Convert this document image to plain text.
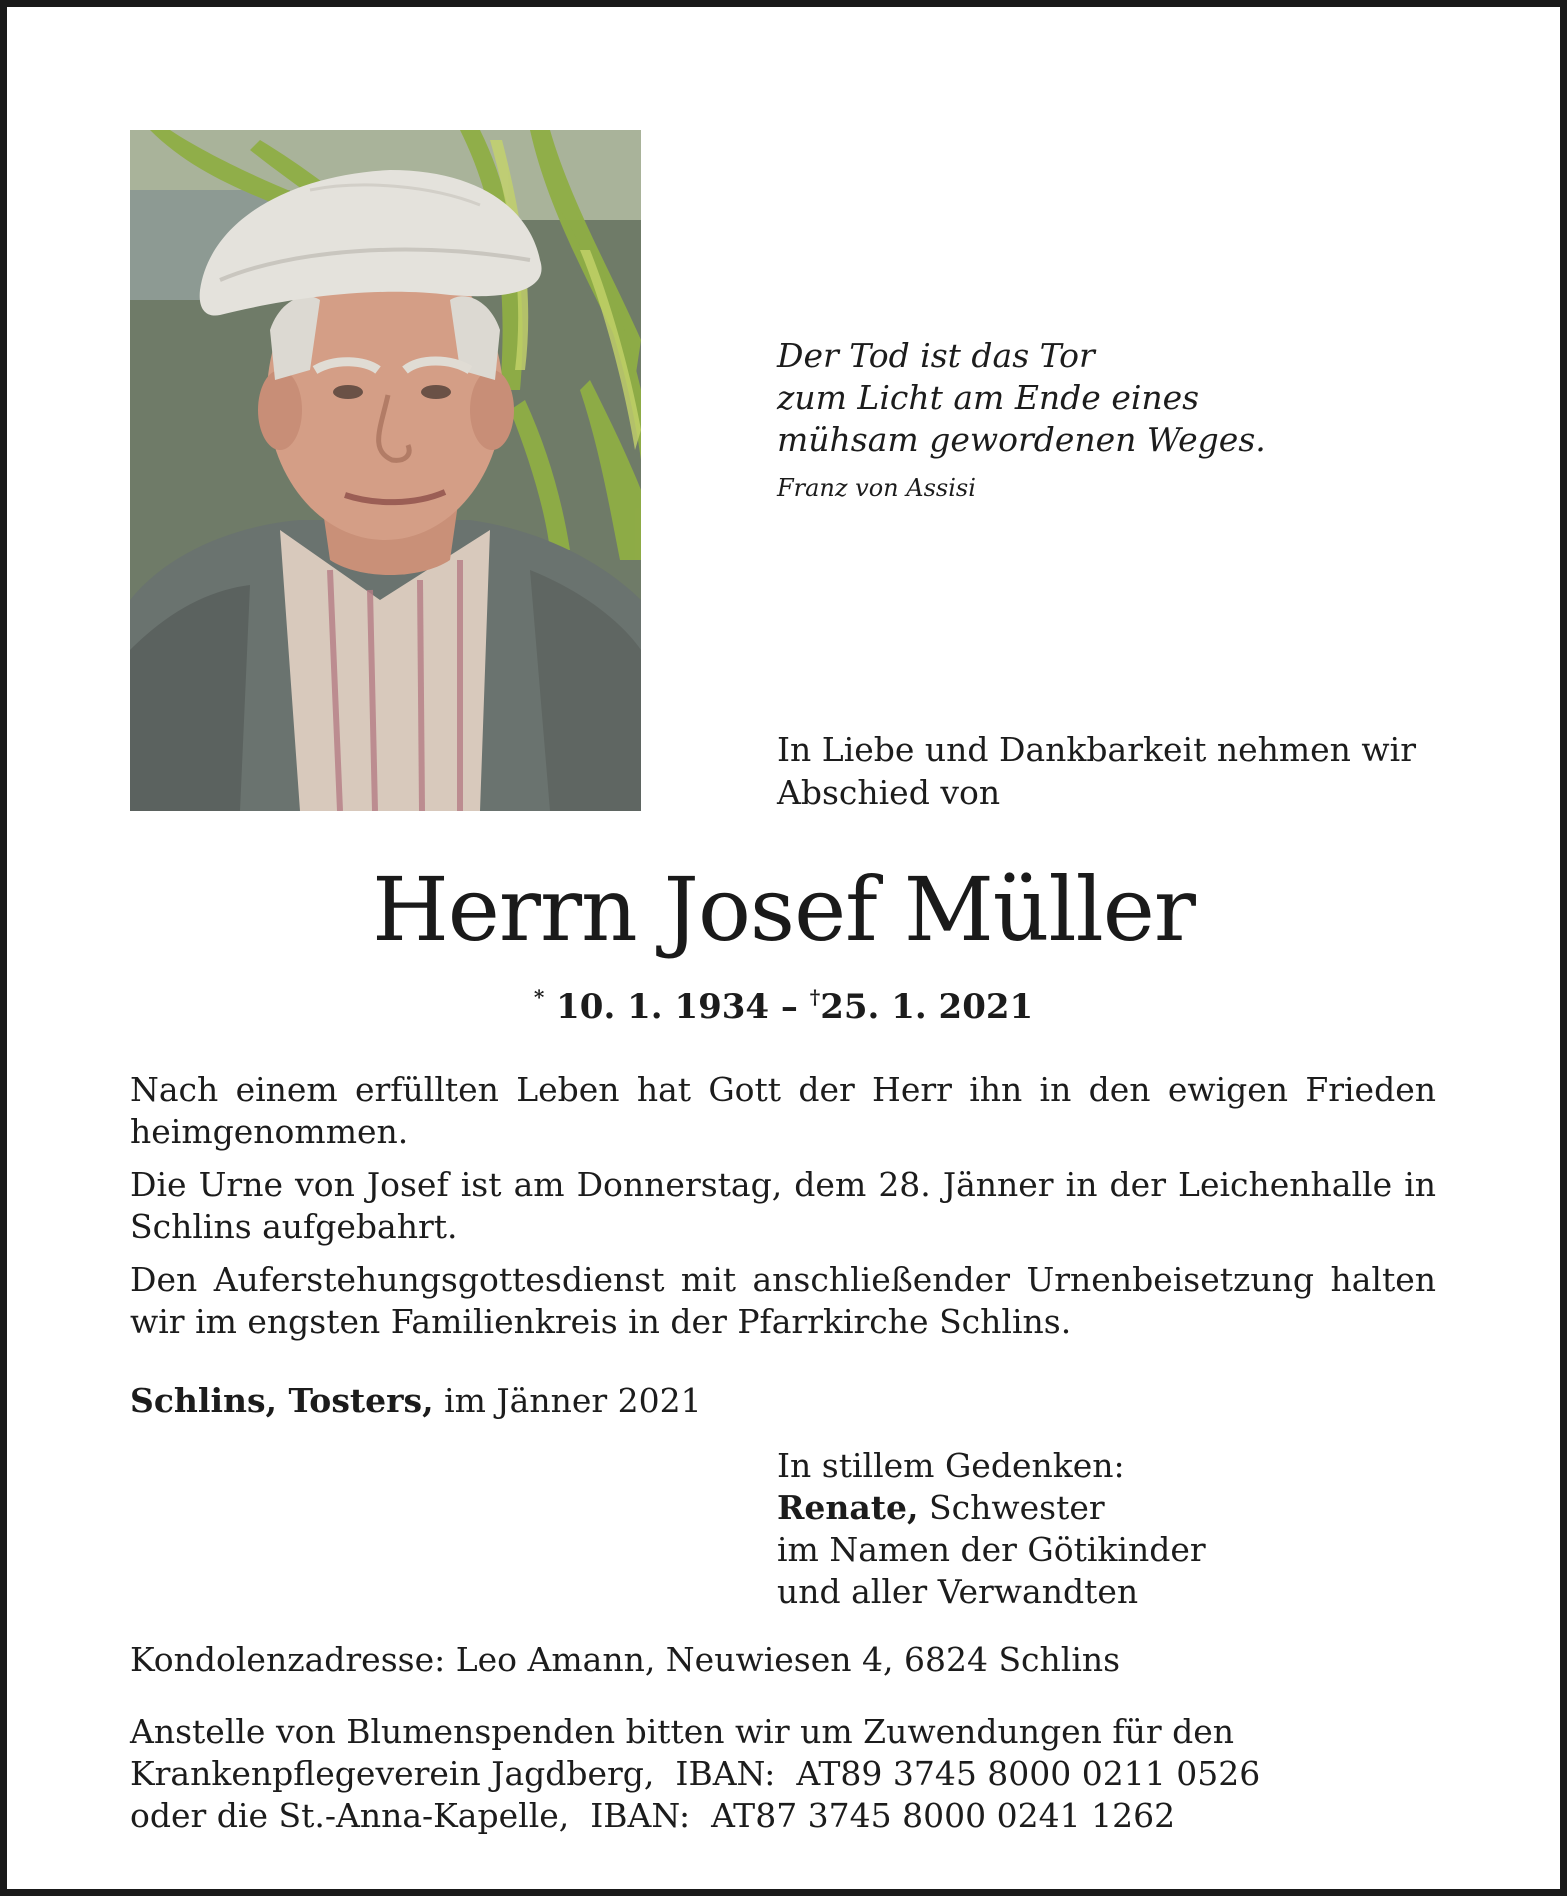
Der Tod ist das Tor
zum Licht am Ende eines
mühsam gewordenen Weges.
Franz von Assisi
In Liebe und Dankbarkeit nehmen wir
Abschied von
Herrn Josef Müller
* 10. 1. 1934 – †25. 1. 2021
Nach einem erfüllten Leben hat Gott der Herr ihn in den ewigen Frieden heimgenommen.
Die Urne von Josef ist am Donnerstag, dem 28. Jänner in der Leichenhalle in Schlins aufgebahrt.
Den Auferstehungsgottesdienst mit anschließender Urnenbeisetzung halten wir im engsten Familienkreis in der Pfarrkirche Schlins.
Schlins, Tosters, im Jänner 2021
In stillem Gedenken:
Renate, Schwester
im Namen der Götikinder
und aller Verwandten
Kondolenzadresse: Leo Amann, Neuwiesen 4, 6824 Schlins
Anstelle von Blumenspenden bitten wir um Zuwendungen für den
Krankenpflegeverein Jagdberg,  IBAN:  AT89 3745 8000 0211 0526
oder die St.-Anna-Kapelle,  IBAN:  AT87 3745 8000 0241 1262
